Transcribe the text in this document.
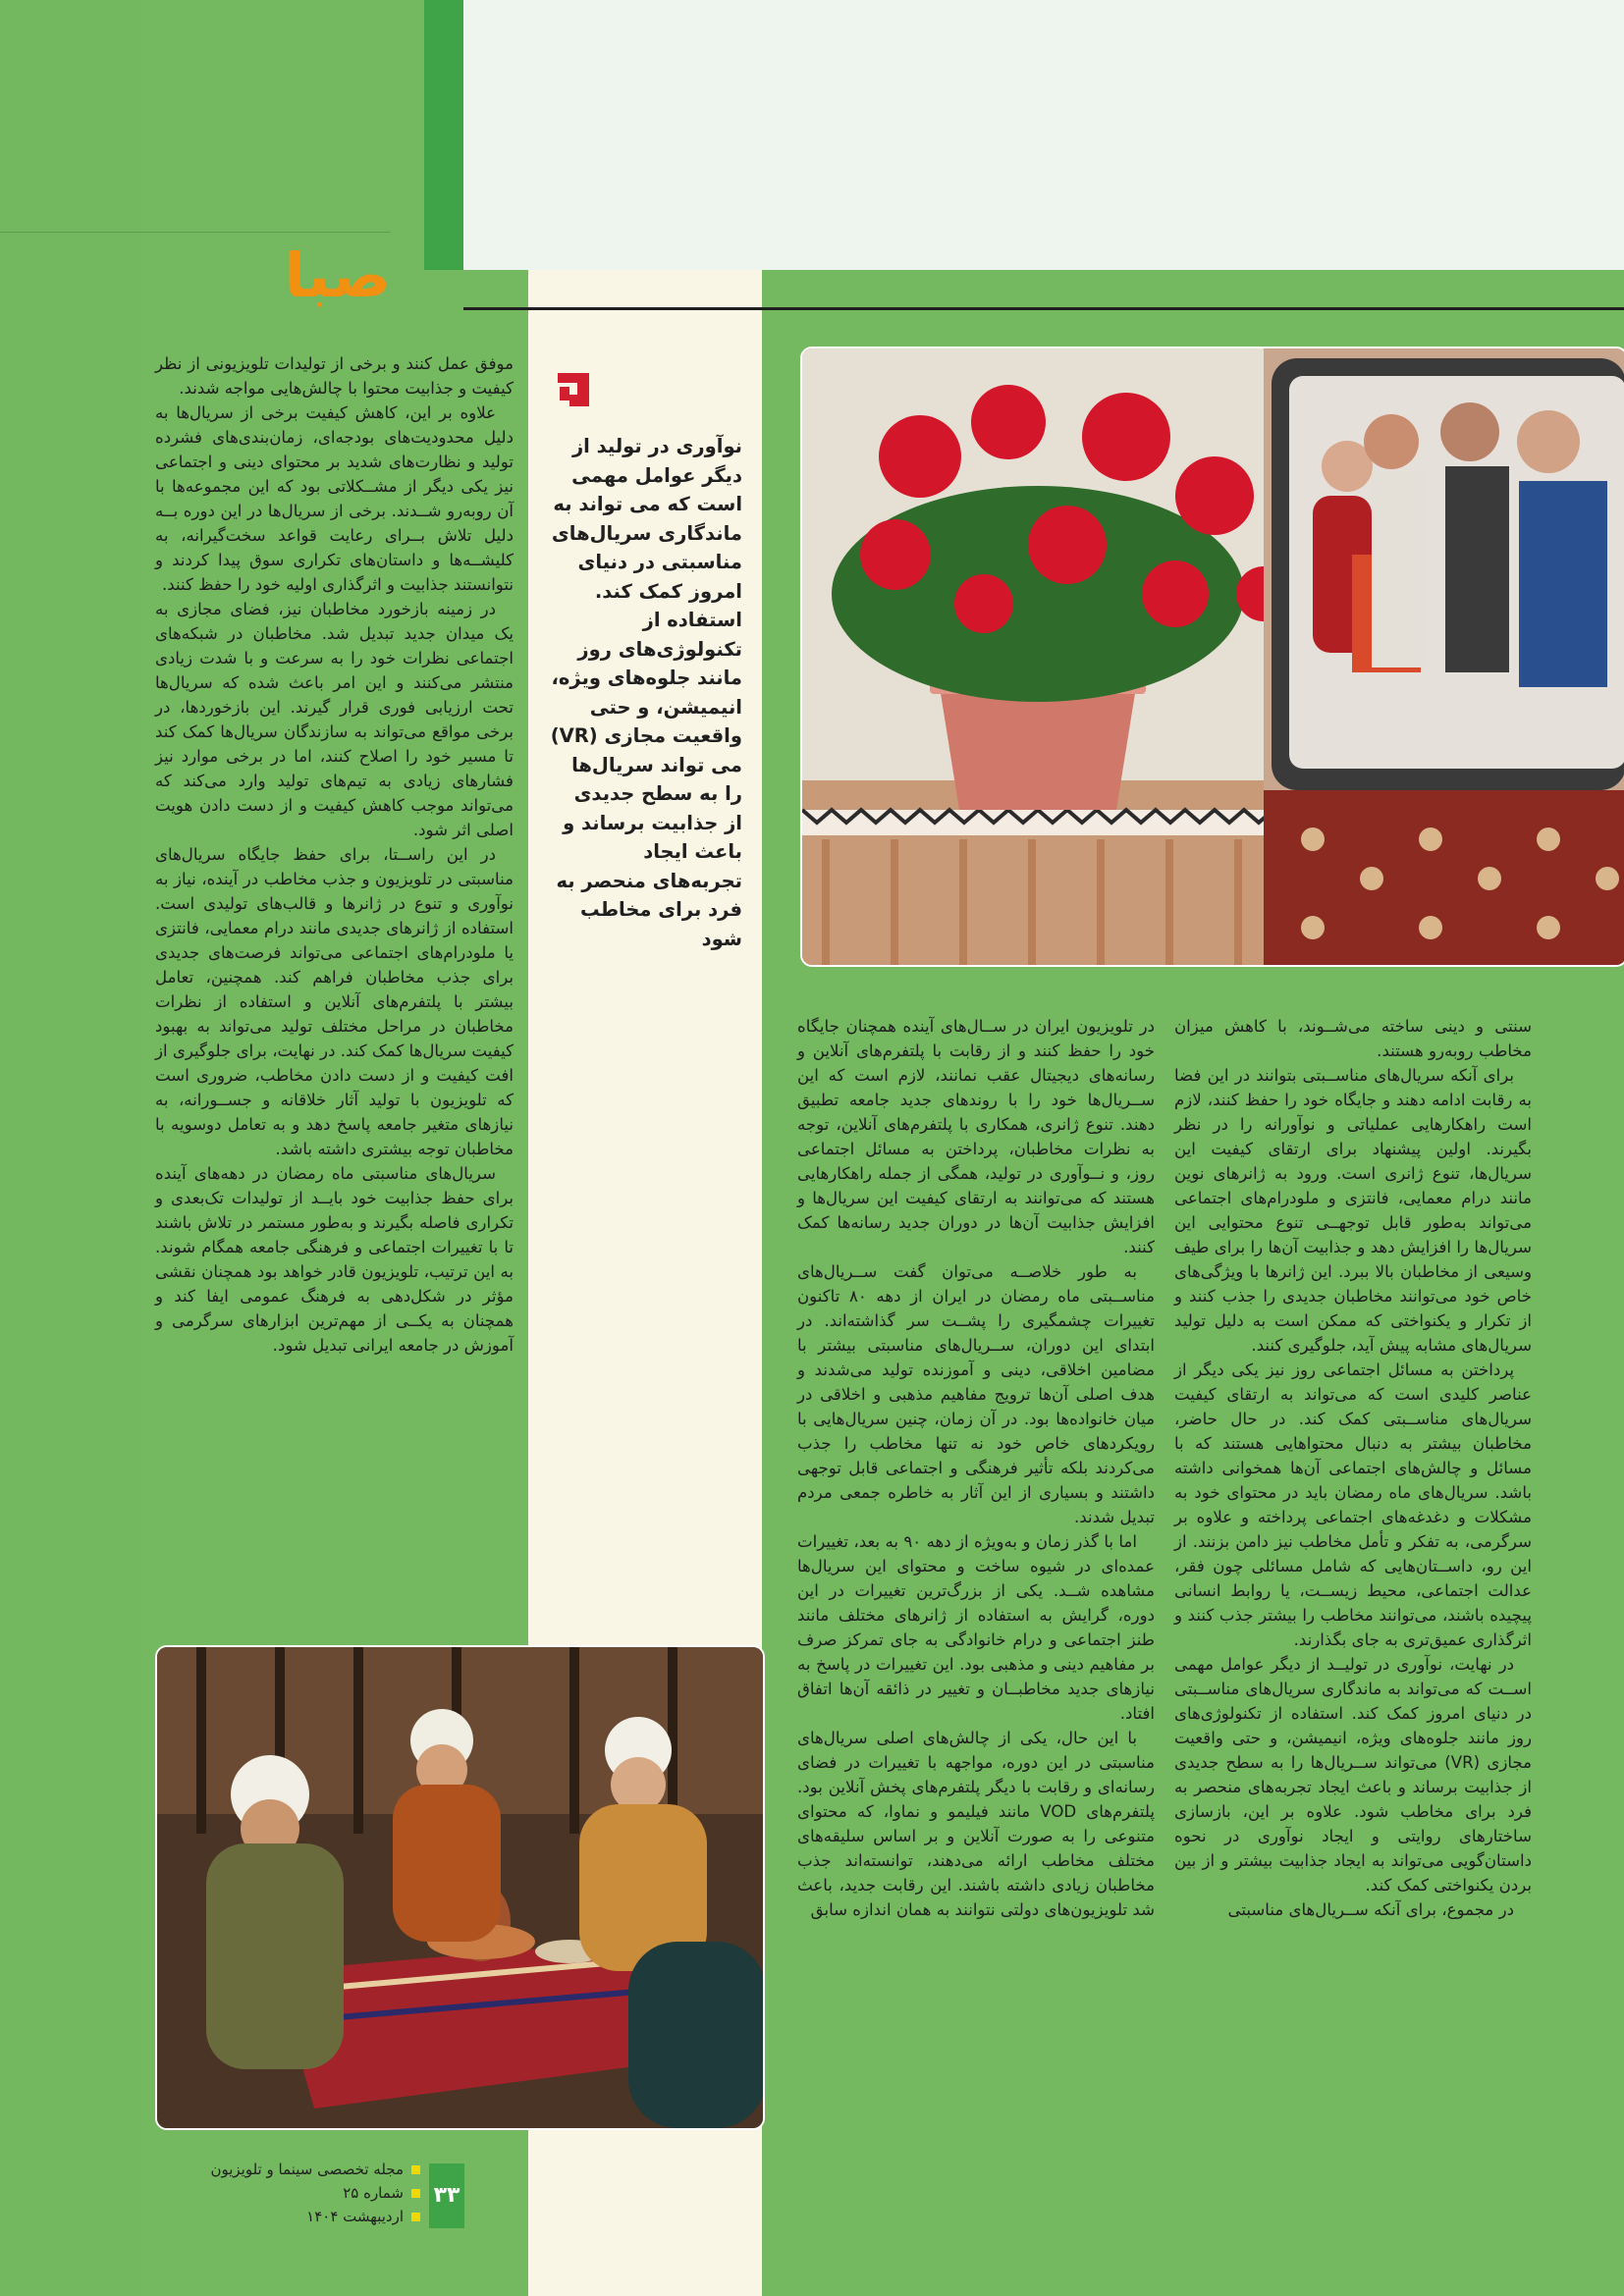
صبا
نوآوری در تولید از دیگر عوامل مهمی است که می تواند به ماندگاری سریال‌های مناسبتی در دنیای امروز کمک کند. استفاده از تکنولوژی‌های روز مانند جلوه‌های ویژه، انیمیشن، و حتی واقعیت مجازی (VR) می تواند سریال‌ها را به سطح جدیدی از جذابیت برساند و باعث ایجاد تجربه‌های منحصر به فرد برای مخاطب شود

سنتی و دینی ساخته می‌شــوند، با کاهش میزان مخاطب روبه‌رو هستند.

برای آنکه سریال‌های مناســبتی بتوانند در این فضا به رقابت ادامه دهند و جایگاه خود را حفظ کنند، لازم است راهکارهایی عملیاتی و نوآورانه را در نظر بگیرند. اولین پیشنهاد برای ارتقای کیفیت این سریال‌ها، تنوع ژانری است. ورود به ژانرهای نوین مانند درام معمایی، فانتزی و ملودرام‌های اجتماعی می‌تواند به‌طور قابل توجهــی تنوع محتوایی این سریال‌ها را افزایش دهد و جذابیت آن‌ها را برای طیف وسیعی از مخاطبان بالا ببرد. این ژانرها با ویژگی‌های خاص خود می‌توانند مخاطبان جدیدی را جذب کنند و از تکرار و یکنواختی که ممکن است به دلیل تولید سریال‌های مشابه پیش آید، جلوگیری کنند.

پرداختن به مسائل اجتماعی روز نیز یکی دیگر از عناصر کلیدی است که می‌تواند به ارتقای کیفیت سریال‌های مناســبتی کمک کند. در حال حاضر، مخاطبان بیشتر به دنبال محتواهایی هستند که با مسائل و چالش‌های اجتماعی آن‌ها همخوانی داشته باشد. سریال‌های ماه رمضان باید در محتوای خود به مشکلات و دغدغه‌های اجتماعی پرداخته و علاوه بر سرگرمی، به تفکر و تأمل مخاطب نیز دامن بزنند. از این رو، داســتان‌هایی که شامل مسائلی چون فقر، عدالت اجتماعی، محیط زیســت، یا روابط انسانی پیچیده باشند، می‌توانند مخاطب را بیشتر جذب کنند و اثرگذاری عمیق‌تری به جای بگذارند.

در نهایت، نوآوری در تولیــد از دیگر عوامل مهمی اســت که می‌تواند به ماندگاری سریال‌های مناســبتی در دنیای امروز کمک کند. استفاده از تکنولوژی‌های روز مانند جلوه‌های ویژه، انیمیشن، و حتی واقعیت مجازی (VR) می‌تواند ســریال‌ها را به سطح جدیدی از جذابیت برساند و باعث ایجاد تجربه‌های منحصر به فرد برای مخاطب شود. علاوه بر این، بازسازی ساختارهای روایتی و ایجاد نوآوری در نحوه داستان‌گویی می‌تواند به ایجاد جذابیت بیشتر و از بین بردن یکنواختی کمک کند.

در مجموع، برای آنکه ســریال‌های مناسبتی

در تلویزیون ایران در ســال‌های آینده همچنان جایگاه خود را حفظ کنند و از رقابت با پلتفرم‌های آنلاین و رسانه‌های دیجیتال عقب نمانند، لازم است که این ســریال‌ها خود را با روندهای جدید جامعه تطبیق دهند. تنوع ژانری، همکاری با پلتفرم‌های آنلاین، توجه به نظرات مخاطبان، پرداختن به مسائل اجتماعی روز، و نــوآوری در تولید، همگی از جمله راهکارهایی هستند که می‌توانند به ارتقای کیفیت این سریال‌ها و افزایش جذابیت آن‌ها در دوران جدید رسانه‌ها کمک کنند.

به طور خلاصــه می‌توان گفت ســریال‌های مناســبتی ماه رمضان در ایران از دهه ۸۰ تاکنون تغییرات چشمگیری را پشــت سر گذاشته‌اند. در ابتدای این دوران، ســریال‌های مناسبتی بیشتر با مضامین اخلاقی، دینی و آموزنده تولید می‌شدند و هدف اصلی آن‌ها ترویج مفاهیم مذهبی و اخلاقی در میان خانواده‌ها بود. در آن زمان، چنین سریال‌هایی با رویکردهای خاص خود نه تنها مخاطب را جذب می‌کردند بلکه تأثیر فرهنگی و اجتماعی قابل توجهی داشتند و بسیاری از این آثار به خاطره جمعی مردم تبدیل شدند.

اما با گذر زمان و به‌ویژه از دهه ۹۰ به بعد، تغییرات عمده‌ای در شیوه ساخت و محتوای این سریال‌ها مشاهده شــد. یکی از بزرگ‌ترین تغییرات در این دوره، گرایش به استفاده از ژانرهای مختلف مانند طنز اجتماعی و درام خانوادگی به جای تمرکز صرف بر مفاهیم دینی و مذهبی بود. این تغییرات در پاسخ به نیازهای جدید مخاطبــان و تغییر در ذائقه آن‌ها اتفاق افتاد.

با این حال، یکی از چالش‌های اصلی سریال‌های مناسبتی در این دوره، مواجهه با تغییرات در فضای رسانه‌ای و رقابت با دیگر پلتفرم‌های پخش آنلاین بود. پلتفرم‌های VOD مانند فیلیمو و نماوا، که محتوای متنوعی را به صورت آنلاین و بر اساس سلیقه‌های مختلف مخاطب ارائه می‌دهند، توانسته‌اند جذب مخاطبان زیادی داشته باشند. این رقابت جدید، باعث شد تلویزیون‌های دولتی نتوانند به همان اندازه سابق

موفق عمل کنند و برخی از تولیدات تلویزیونی از نظر کیفیت و جذابیت محتوا با چالش‌هایی مواجه شدند.

علاوه بر این، کاهش کیفیت برخی از سریال‌ها به دلیل محدودیت‌های بودجه‌ای، زمان‌بندی‌های فشرده تولید و نظارت‌های شدید بر محتوای دینی و اجتماعی نیز یکی دیگر از مشــکلاتی بود که این مجموعه‌ها با آن روبه‌رو شــدند. برخی از سریال‌ها در این دوره بــه دلیل تلاش بــرای رعایت قواعد سخت‌گیرانه، به کلیشــه‌ها و داستان‌های تکراری سوق پیدا کردند و نتوانستند جذابیت و اثرگذاری اولیه خود را حفظ کنند.

در زمینه بازخورد مخاطبان نیز، فضای مجازی به یک میدان جدید تبدیل شد. مخاطبان در شبکه‌های اجتماعی نظرات خود را به سرعت و با شدت زیادی منتشر می‌کنند و این امر باعث شده که سریال‌ها تحت ارزیابی فوری قرار گیرند. این بازخوردها، در برخی مواقع می‌تواند به سازندگان سریال‌ها کمک کند تا مسیر خود را اصلاح کنند، اما در برخی موارد نیز فشارهای زیادی به تیم‌های تولید وارد می‌کند که می‌تواند موجب کاهش کیفیت و از دست دادن هویت اصلی اثر شود.

در این راســتا، برای حفظ جایگاه سریال‌های مناسبتی در تلویزیون و جذب مخاطب در آینده، نیاز به نوآوری و تنوع در ژانرها و قالب‌های تولیدی است. استفاده از ژانرهای جدیدی مانند درام معمایی، فانتزی یا ملودرام‌های اجتماعی می‌تواند فرصت‌های جدیدی برای جذب مخاطبان فراهم کند. همچنین، تعامل بیشتر با پلتفرم‌های آنلاین و استفاده از نظرات مخاطبان در مراحل مختلف تولید می‌تواند به بهبود کیفیت سریال‌ها کمک کند. در نهایت، برای جلوگیری از افت کیفیت و از دست دادن مخاطب، ضروری است که تلویزیون با تولید آثار خلاقانه و جســورانه، به نیازهای متغیر جامعه پاسخ دهد و به تعامل دوسویه با مخاطبان توجه بیشتری داشته باشد.

سریال‌های مناسبتی ماه رمضان در دهه‌های آینده برای حفظ جذابیت خود بایــد از تولیدات تک‌بعدی و تکراری فاصله بگیرند و به‌طور مستمر در تلاش باشند تا با تغییرات اجتماعی و فرهنگی جامعه همگام شوند. به این ترتیب، تلویزیون قادر خواهد بود همچنان نقشی مؤثر در شکل‌دهی به فرهنگ عمومی ایفا کند و همچنان به یکــی از مهم‌ترین ابزارهای سرگرمی و آموزش در جامعه ایرانی تبدیل شود.

مجله تخصصی سینما و تلویزیون
شماره ۲۵
اردیبهشت ۱۴۰۴
۳۳
